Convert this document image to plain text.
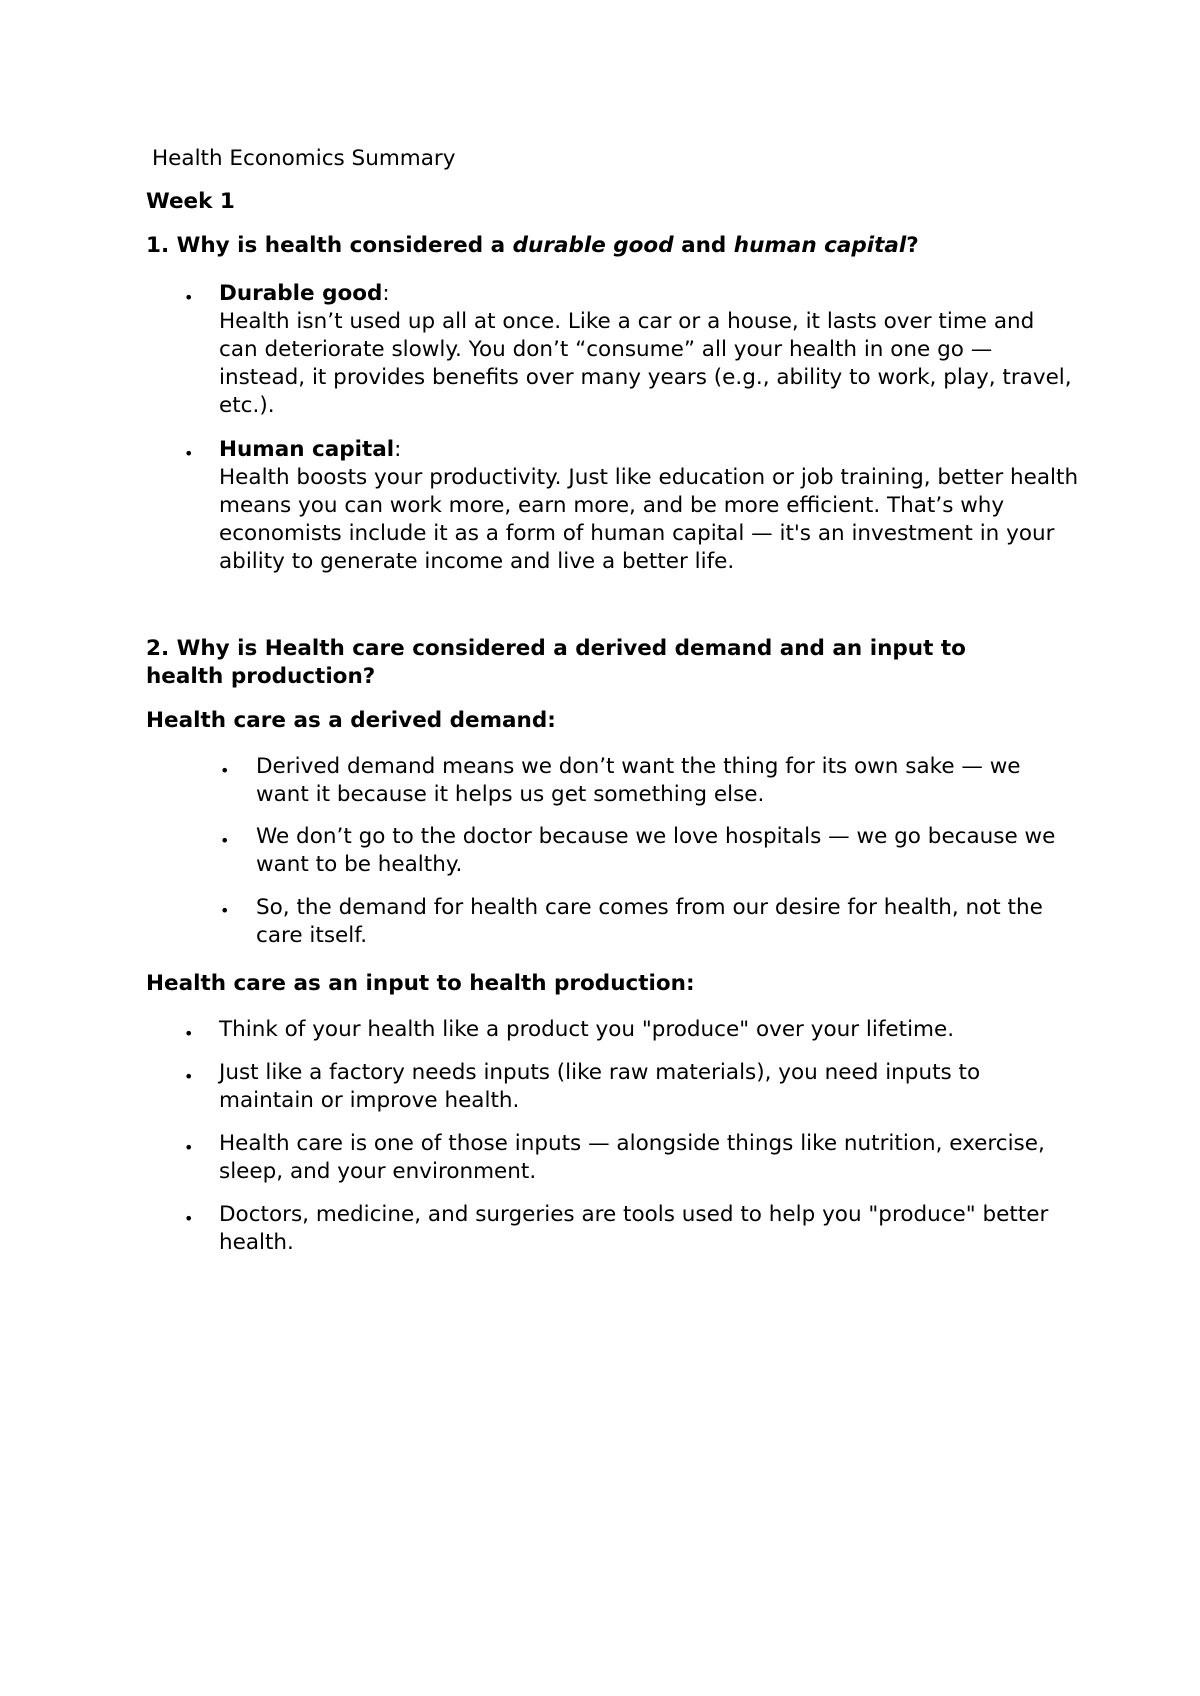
Health Economics Summary

Week 1

1. Why is health considered a durable good and human capital?

• Durable good:
Health isn’t used up all at once. Like a car or a house, it lasts over time and can deteriorate slowly. You don’t “consume” all your health in one go — instead, it provides benefits over many years (e.g., ability to work, play, travel, etc.).
• Human capital:
Health boosts your productivity. Just like education or job training, better health means you can work more, earn more, and be more efficient. That’s why economists include it as a form of human capital — it's an investment in your ability to generate income and live a better life.

2. Why is Health care considered a derived demand and an input to health production?

Health care as a derived demand:

• Derived demand means we don’t want the thing for its own sake — we want it because it helps us get something else.
• We don’t go to the doctor because we love hospitals — we go because we want to be healthy.
• So, the demand for health care comes from our desire for health, not the care itself.

Health care as an input to health production:

• Think of your health like a product you "produce" over your lifetime.
• Just like a factory needs inputs (like raw materials), you need inputs to maintain or improve health.
• Health care is one of those inputs — alongside things like nutrition, exercise, sleep, and your environment.
• Doctors, medicine, and surgeries are tools used to help you "produce" better health.
